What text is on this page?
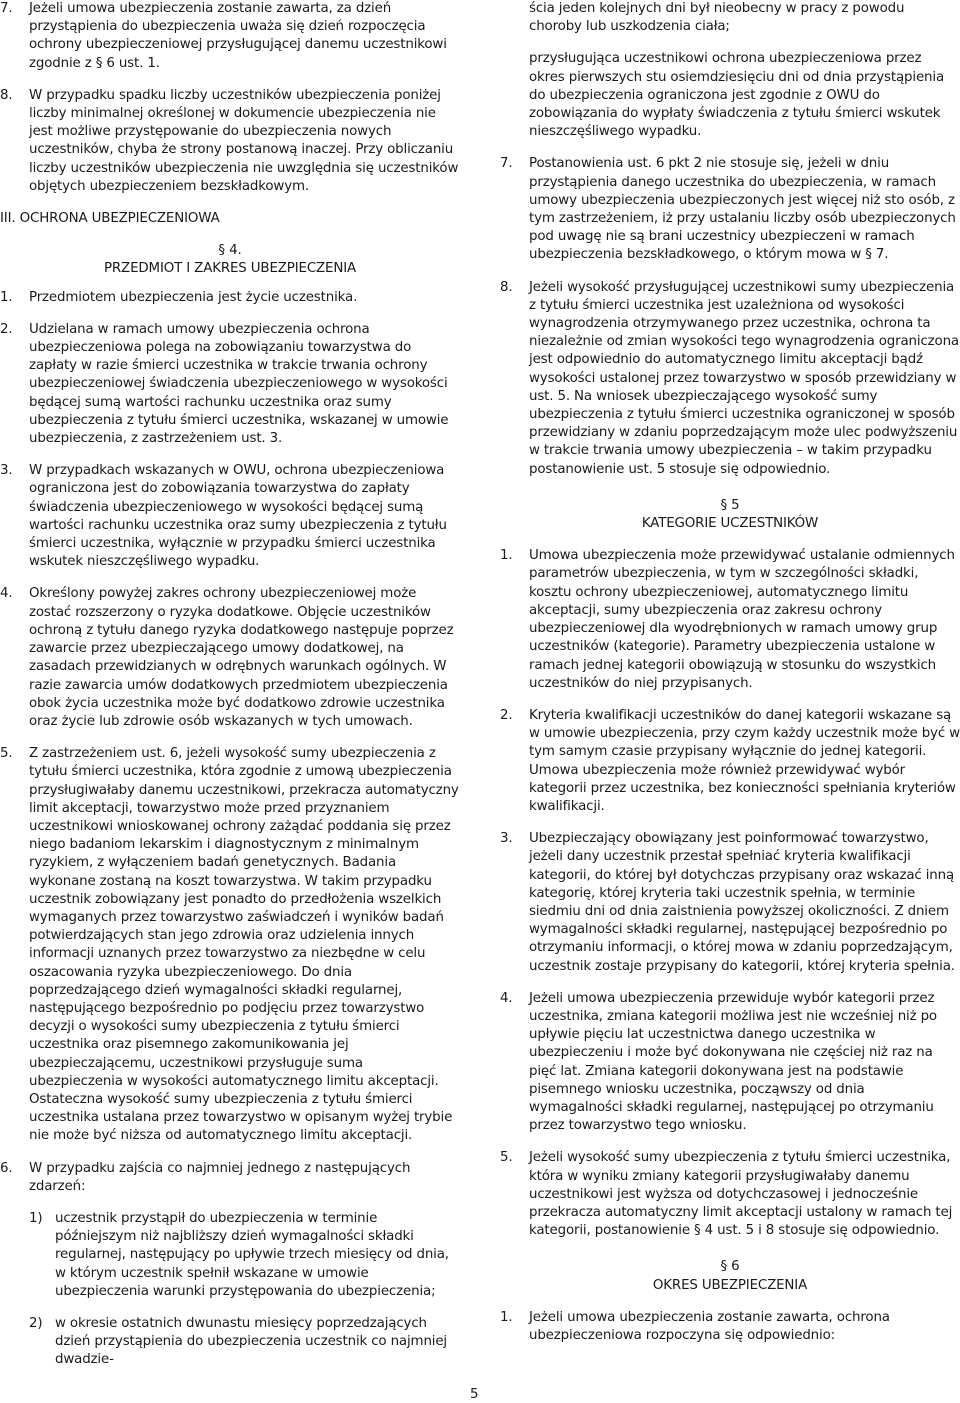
7. Jeżeli umowa ubezpieczenia zostanie zawarta, za dzień przystąpienia do ubezpieczenia uważa się dzień rozpoczęcia ochrony ubezpieczeniowej przysługującej danemu uczestnikowi zgodnie z § 6 ust. 1.

8. W przypadku spadku liczby uczestników ubezpieczenia poniżej liczby minimalnej określonej w dokumencie ubezpieczenia nie jest możliwe przystępowanie do ubezpieczenia nowych uczestników, chyba że strony postanową inaczej. Przy obliczaniu liczby uczestników ubezpieczenia nie uwzględnia się uczestników objętych ubezpieczeniem bezskładkowym.

III. OCHRONA UBEZPIECZENIOWA

§ 4.

PRZEDMIOT I ZAKRES UBEZPIECZENIA

1. Przedmiotem ubezpieczenia jest życie uczestnika.

2. Udzielana w ramach umowy ubezpieczenia ochrona ubezpieczeniowa polega na zobowiązaniu towarzystwa do zapłaty w razie śmierci uczestnika w trakcie trwania ochrony ubezpieczeniowej świadczenia ubezpieczeniowego w wysokości będącej sumą wartości rachunku uczestnika oraz sumy ubezpieczenia z tytułu śmierci uczestnika, wskazanej w umowie ubezpieczenia, z zastrzeżeniem ust. 3.

3. W przypadkach wskazanych w OWU, ochrona ubezpieczeniowa ograniczona jest do zobowiązania towarzystwa do zapłaty świadczenia ubezpieczeniowego w wysokości będącej sumą wartości rachunku uczestnika oraz sumy ubezpieczenia z tytułu śmierci uczestnika, wyłącznie w przypadku śmierci uczestnika wskutek nieszczęśliwego wypadku.

4. Określony powyżej zakres ochrony ubezpieczeniowej może zostać rozszerzony o ryzyka dodatkowe. Objęcie uczestników ochroną z tytułu danego ryzyka dodatkowego następuje poprzez zawarcie przez ubezpieczającego umowy dodatkowej, na zasadach przewidzianych w odrębnych warunkach ogólnych. W razie zawarcia umów dodatkowych przedmiotem ubezpieczenia obok życia uczestnika może być dodatkowo zdrowie uczestnika oraz życie lub zdrowie osób wskazanych w tych umowach.

5. Z zastrzeżeniem ust. 6, jeżeli wysokość sumy ubezpieczenia z tytułu śmierci uczestnika, która zgodnie z umową ubezpieczenia przysługiwałaby danemu uczestnikowi, przekracza automatyczny limit akceptacji, towarzystwo może przed przyznaniem uczestnikowi wnioskowanej ochrony zażądać poddania się przez niego badaniom lekarskim i diagnostycznym z minimalnym ryzykiem, z wyłączeniem badań genetycznych. Badania wykonane zostaną na koszt towarzystwa. W takim przypadku uczestnik zobowiązany jest ponadto do przedłożenia wszelkich wymaganych przez towarzystwo zaświadczeń i wyników badań potwierdzających stan jego zdrowia oraz udzielenia innych informacji uznanych przez towarzystwo za niezbędne w celu oszacowania ryzyka ubezpieczeniowego. Do dnia poprzedzającego dzień wymagalności składki regularnej, następującego bezpośrednio po podjęciu przez towarzystwo decyzji o wysokości sumy ubezpieczenia z tytułu śmierci uczestnika oraz pisemnego zakomunikowania jej ubezpieczającemu, uczestnikowi przysługuje suma ubezpieczenia w wysokości automatycznego limitu akceptacji. Ostateczna wysokość sumy ubezpieczenia z tytułu śmierci uczestnika ustalana przez towarzystwo w opisanym wyżej trybie nie może być niższa od automatycznego limitu akceptacji.

6. W przypadku zajścia co najmniej jednego z następujących zdarzeń:

1) uczestnik przystąpił do ubezpieczenia w terminie późniejszym niż najbliższy dzień wymagalności składki regularnej, następujący po upływie trzech miesięcy od dnia, w którym uczestnik spełnił wskazane w umowie ubezpieczenia warunki przystępowania do ubezpieczenia;

2) w okresie ostatnich dwunastu miesięcy poprzedzających dzień przystąpienia do ubezpieczenia uczestnik co najmniej dwadzie-

ścia jeden kolejnych dni był nieobecny w pracy z powodu choroby lub uszkodzenia ciała;

przysługująca uczestnikowi ochrona ubezpieczeniowa przez okres pierwszych stu osiemdziesięciu dni od dnia przystąpienia do ubezpieczenia ograniczona jest zgodnie z OWU do zobowiązania do wypłaty świadczenia z tytułu śmierci wskutek nieszczęśliwego wypadku.

7. Postanowienia ust. 6 pkt 2 nie stosuje się, jeżeli w dniu przystąpienia danego uczestnika do ubezpieczenia, w ramach umowy ubezpieczenia ubezpieczonych jest więcej niż sto osób, z tym zastrzeżeniem, iż przy ustalaniu liczby osób ubezpieczonych pod uwagę nie są brani uczestnicy ubezpieczeni w ramach ubezpieczenia bezskładkowego, o którym mowa w § 7.

8. Jeżeli wysokość przysługującej uczestnikowi sumy ubezpieczenia z tytułu śmierci uczestnika jest uzależniona od wysokości wynagrodzenia otrzymywanego przez uczestnika, ochrona ta niezależnie od zmian wysokości tego wynagrodzenia ograniczona jest odpowiednio do automatycznego limitu akceptacji bądź wysokości ustalonej przez towarzystwo w sposób przewidziany w ust. 5. Na wniosek ubezpieczającego wysokość sumy ubezpieczenia z tytułu śmierci uczestnika ograniczonej w sposób przewidziany w zdaniu poprzedzającym może ulec podwyższeniu w trakcie trwania umowy ubezpieczenia – w takim przypadku postanowienie ust. 5 stosuje się odpowiednio.

§ 5

KATEGORIE UCZESTNIKÓW

1. Umowa ubezpieczenia może przewidywać ustalanie odmiennych parametrów ubezpieczenia, w tym w szczególności składki, kosztu ochrony ubezpieczeniowej, automatycznego limitu akceptacji, sumy ubezpieczenia oraz zakresu ochrony ubezpieczeniowej dla wyodrębnionych w ramach umowy grup uczestników (kategorie). Parametry ubezpieczenia ustalone w ramach jednej kategorii obowiązują w stosunku do wszystkich uczestników do niej przypisanych.

2. Kryteria kwalifikacji uczestników do danej kategorii wskazane są w umowie ubezpieczenia, przy czym każdy uczestnik może być w tym samym czasie przypisany wyłącznie do jednej kategorii. Umowa ubezpieczenia może również przewidywać wybór kategorii przez uczestnika, bez konieczności spełniania kryteriów kwalifikacji.

3. Ubezpieczający obowiązany jest poinformować towarzystwo, jeżeli dany uczestnik przestał spełniać kryteria kwalifikacji kategorii, do której był dotychczas przypisany oraz wskazać inną kategorię, której kryteria taki uczestnik spełnia, w terminie siedmiu dni od dnia zaistnienia powyższej okoliczności. Z dniem wymagalności składki regularnej, następującej bezpośrednio po otrzymaniu informacji, o której mowa w zdaniu poprzedzającym, uczestnik zostaje przypisany do kategorii, której kryteria spełnia.

4. Jeżeli umowa ubezpieczenia przewiduje wybór kategorii przez uczestnika, zmiana kategorii możliwa jest nie wcześniej niż po upływie pięciu lat uczestnictwa danego uczestnika w ubezpieczeniu i może być dokonywana nie częściej niż raz na pięć lat. Zmiana kategorii dokonywana jest na podstawie pisemnego wniosku uczestnika, począwszy od dnia wymagalności składki regularnej, następującej po otrzymaniu przez towarzystwo tego wniosku.

5. Jeżeli wysokość sumy ubezpieczenia z tytułu śmierci uczestnika, która w wyniku zmiany kategorii przysługiwałaby danemu uczestnikowi jest wyższa od dotychczasowej i jednocześnie przekracza automatyczny limit akceptacji ustalony w ramach tej kategorii, postanowienie § 4 ust. 5 i 8 stosuje się odpowiednio.

§ 6

OKRES UBEZPIECZENIA

1. Jeżeli umowa ubezpieczenia zostanie zawarta, ochrona ubezpieczeniowa rozpoczyna się odpowiednio:

5
